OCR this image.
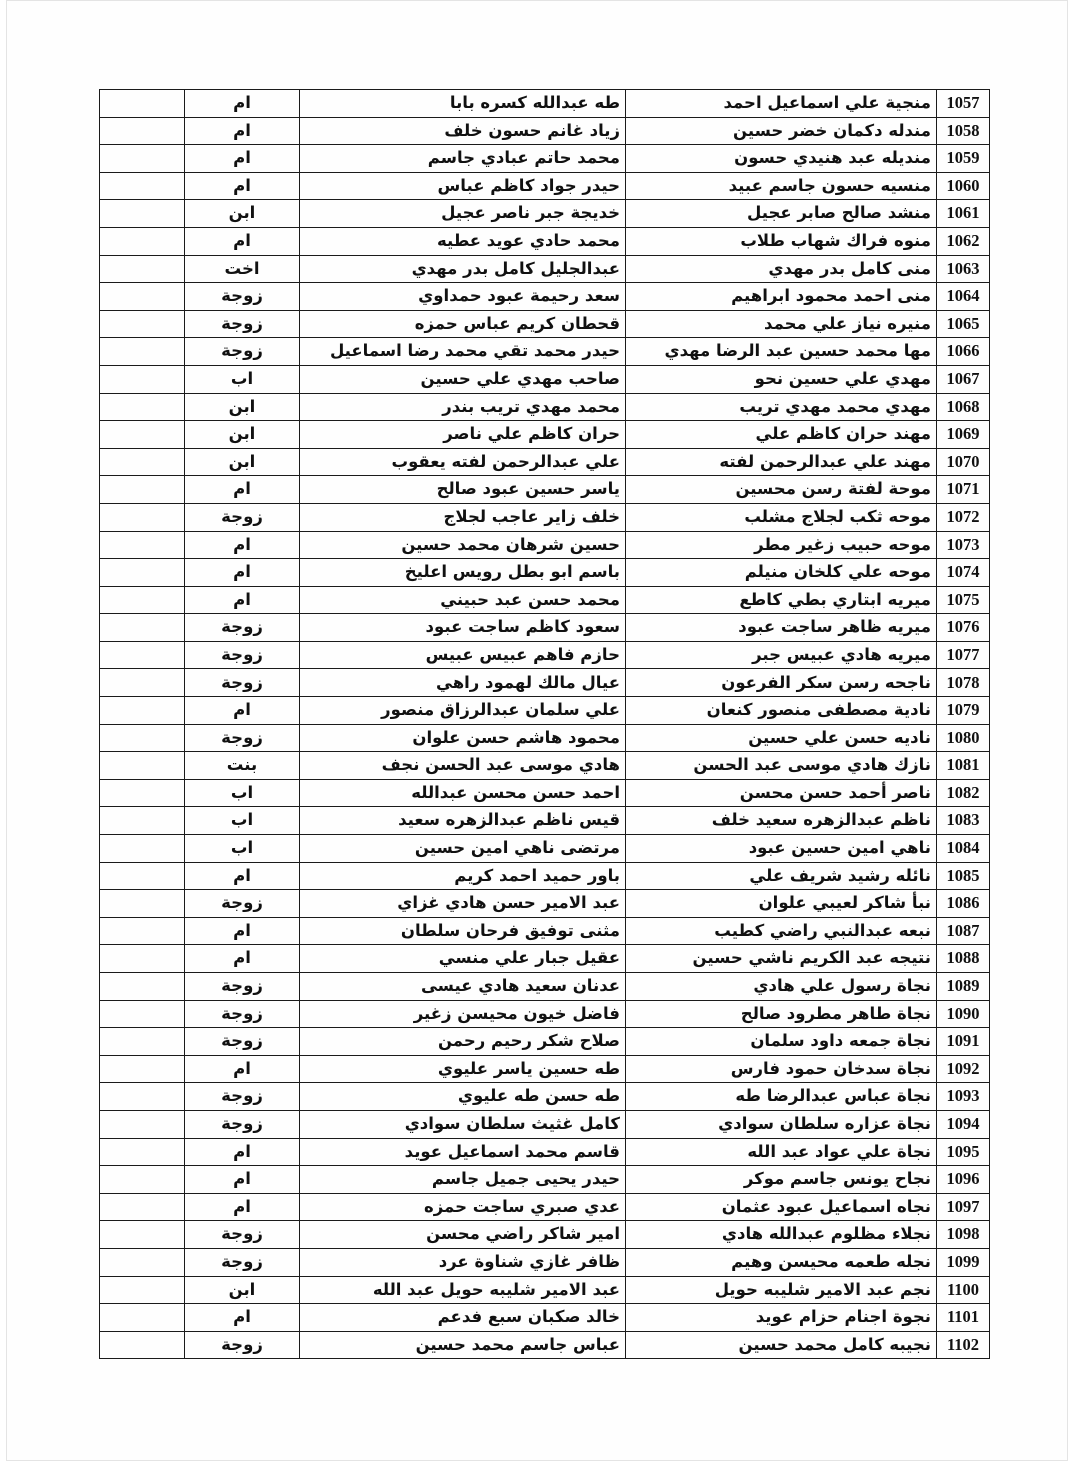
	ام	طه عبدالله كسره بابا	منجية علي اسماعيل احمد	1057
	ام	زياد غانم حسون خلف	مندله دكمان خضر حسين	1058
	ام	محمد حاتم عبادي جاسم	منديله عبد هنيدي حسون	1059
	ام	حيدر جواد كاظم عباس	منسيه حسون جاسم عبيد	1060
	ابن	خديجة جبر ناصر عجيل	منشد صالح صابر عجيل	1061
	ام	محمد حادي عويد عطيه	منوه فراك شهاب طلاب	1062
	اخت	عبدالجليل كامل بدر مهدي	منى كامل بدر مهدي	1063
	زوجة	سعد رحيمة عبود حمداوي	منى احمد محمود ابراهيم	1064
	زوجة	قحطان كريم عباس حمزه	منيره نياز علي محمد	1065
	زوجة	حيدر محمد تقي محمد رضا اسماعيل	مها محمد حسين عبد الرضا مهدي	1066
	اب	صاحب مهدي علي حسين	مهدي علي حسين نحو	1067
	ابن	محمد مهدي تريب بندر	مهدي محمد مهدي تريب	1068
	ابن	حران كاظم علي ناصر	مهند حران كاظم علي	1069
	ابن	علي عبدالرحمن لفته يعقوب	مهند علي عبدالرحمن لفته	1070
	ام	ياسر حسين عبود صالح	موحة لفتة رسن محسين	1071
	زوجة	خلف زاير عاجب لجلاج	موحه ثكب لجلاج مشلب	1072
	ام	حسين شرهان محمد حسين	موحه حبيب زغير مطر	1073
	ام	باسم ابو بطل رويس اعليخ	موحه علي كلخان منيلم	1074
	ام	محمد حسن عبد حبيني	ميريه ابتاري بطي كاطع	1075
	زوجة	سعود كاظم ساجت عبود	ميريه ظاهر ساجت عبود	1076
	زوجة	حازم فاهم عبيس عبيس	ميريه هادي عبيس جبر	1077
	زوجة	عيال مالك لهمود راهي	ناجحه رسن سكر الفرعون	1078
	ام	علي سلمان عبدالرزاق منصور	نادية مصطفى منصور كنعان	1079
	زوجة	محمود هاشم حسن علوان	ناديه حسن علي حسين	1080
	بنت	هادي موسى عبد الحسن نجف	نازك هادي موسى عبد الحسن	1081
	اب	احمد حسن محسن عبدالله	ناصر أحمد حسن محسن	1082
	اب	قيس ناظم عبدالزهره سعيد	ناظم عبدالزهره سعيد خلف	1083
	اب	مرتضى ناهي امين حسين	ناهي امين حسين عبود	1084
	ام	باور حميد احمد كريم	نائله رشيد شريف علي	1085
	زوجة	عبد الامير حسن هادي غزاي	نبأ شاكر لعيبي علوان	1086
	ام	مثنى توفيق فرحان سلطان	نبعه عبدالنبي راضي كطيب	1087
	ام	عقيل جبار علي منسي	نتيجه عبد الكريم ناشي حسين	1088
	زوجة	عدنان سعيد هادي عيسى	نجاة رسول علي هادي	1089
	زوجة	فاضل خيون محيسن زغير	نجاة طاهر مطرود صالح	1090
	زوجة	صلاح شكر رحيم رحمن	نجاة جمعه داود سلمان	1091
	ام	طه حسين ياسر عليوي	نجاة سدخان حمود فارس	1092
	زوجة	طه حسن طه عليوي	نجاة عباس عبدالرضا طه	1093
	زوجة	كامل غثيث سلطان سوادي	نجاة عزاره سلطان سوادي	1094
	ام	قاسم محمد اسماعيل عويد	نجاة علي عواد عبد الله	1095
	ام	حيدر يحيى جميل جاسم	نجاح يونس جاسم موكر	1096
	ام	عدي صبري ساجت حمزه	نجاه اسماعيل عبود عثمان	1097
	زوجة	امير شاكر راضي محسن	نجلاء مظلوم عبدالله هادي	1098
	زوجة	ظافر غازي شناوة عرد	نجله طعمه محيسن وهيم	1099
	ابن	عبد الامير شليبه حويل عبد الله	نجم عبد الامير شليبه حويل	1100
	ام	خالد صكبان سبع فدعم	نجوة اجنام حزام عويد	1101
	زوجة	عباس جاسم محمد حسين	نجيبه كامل محمد حسين	1102
